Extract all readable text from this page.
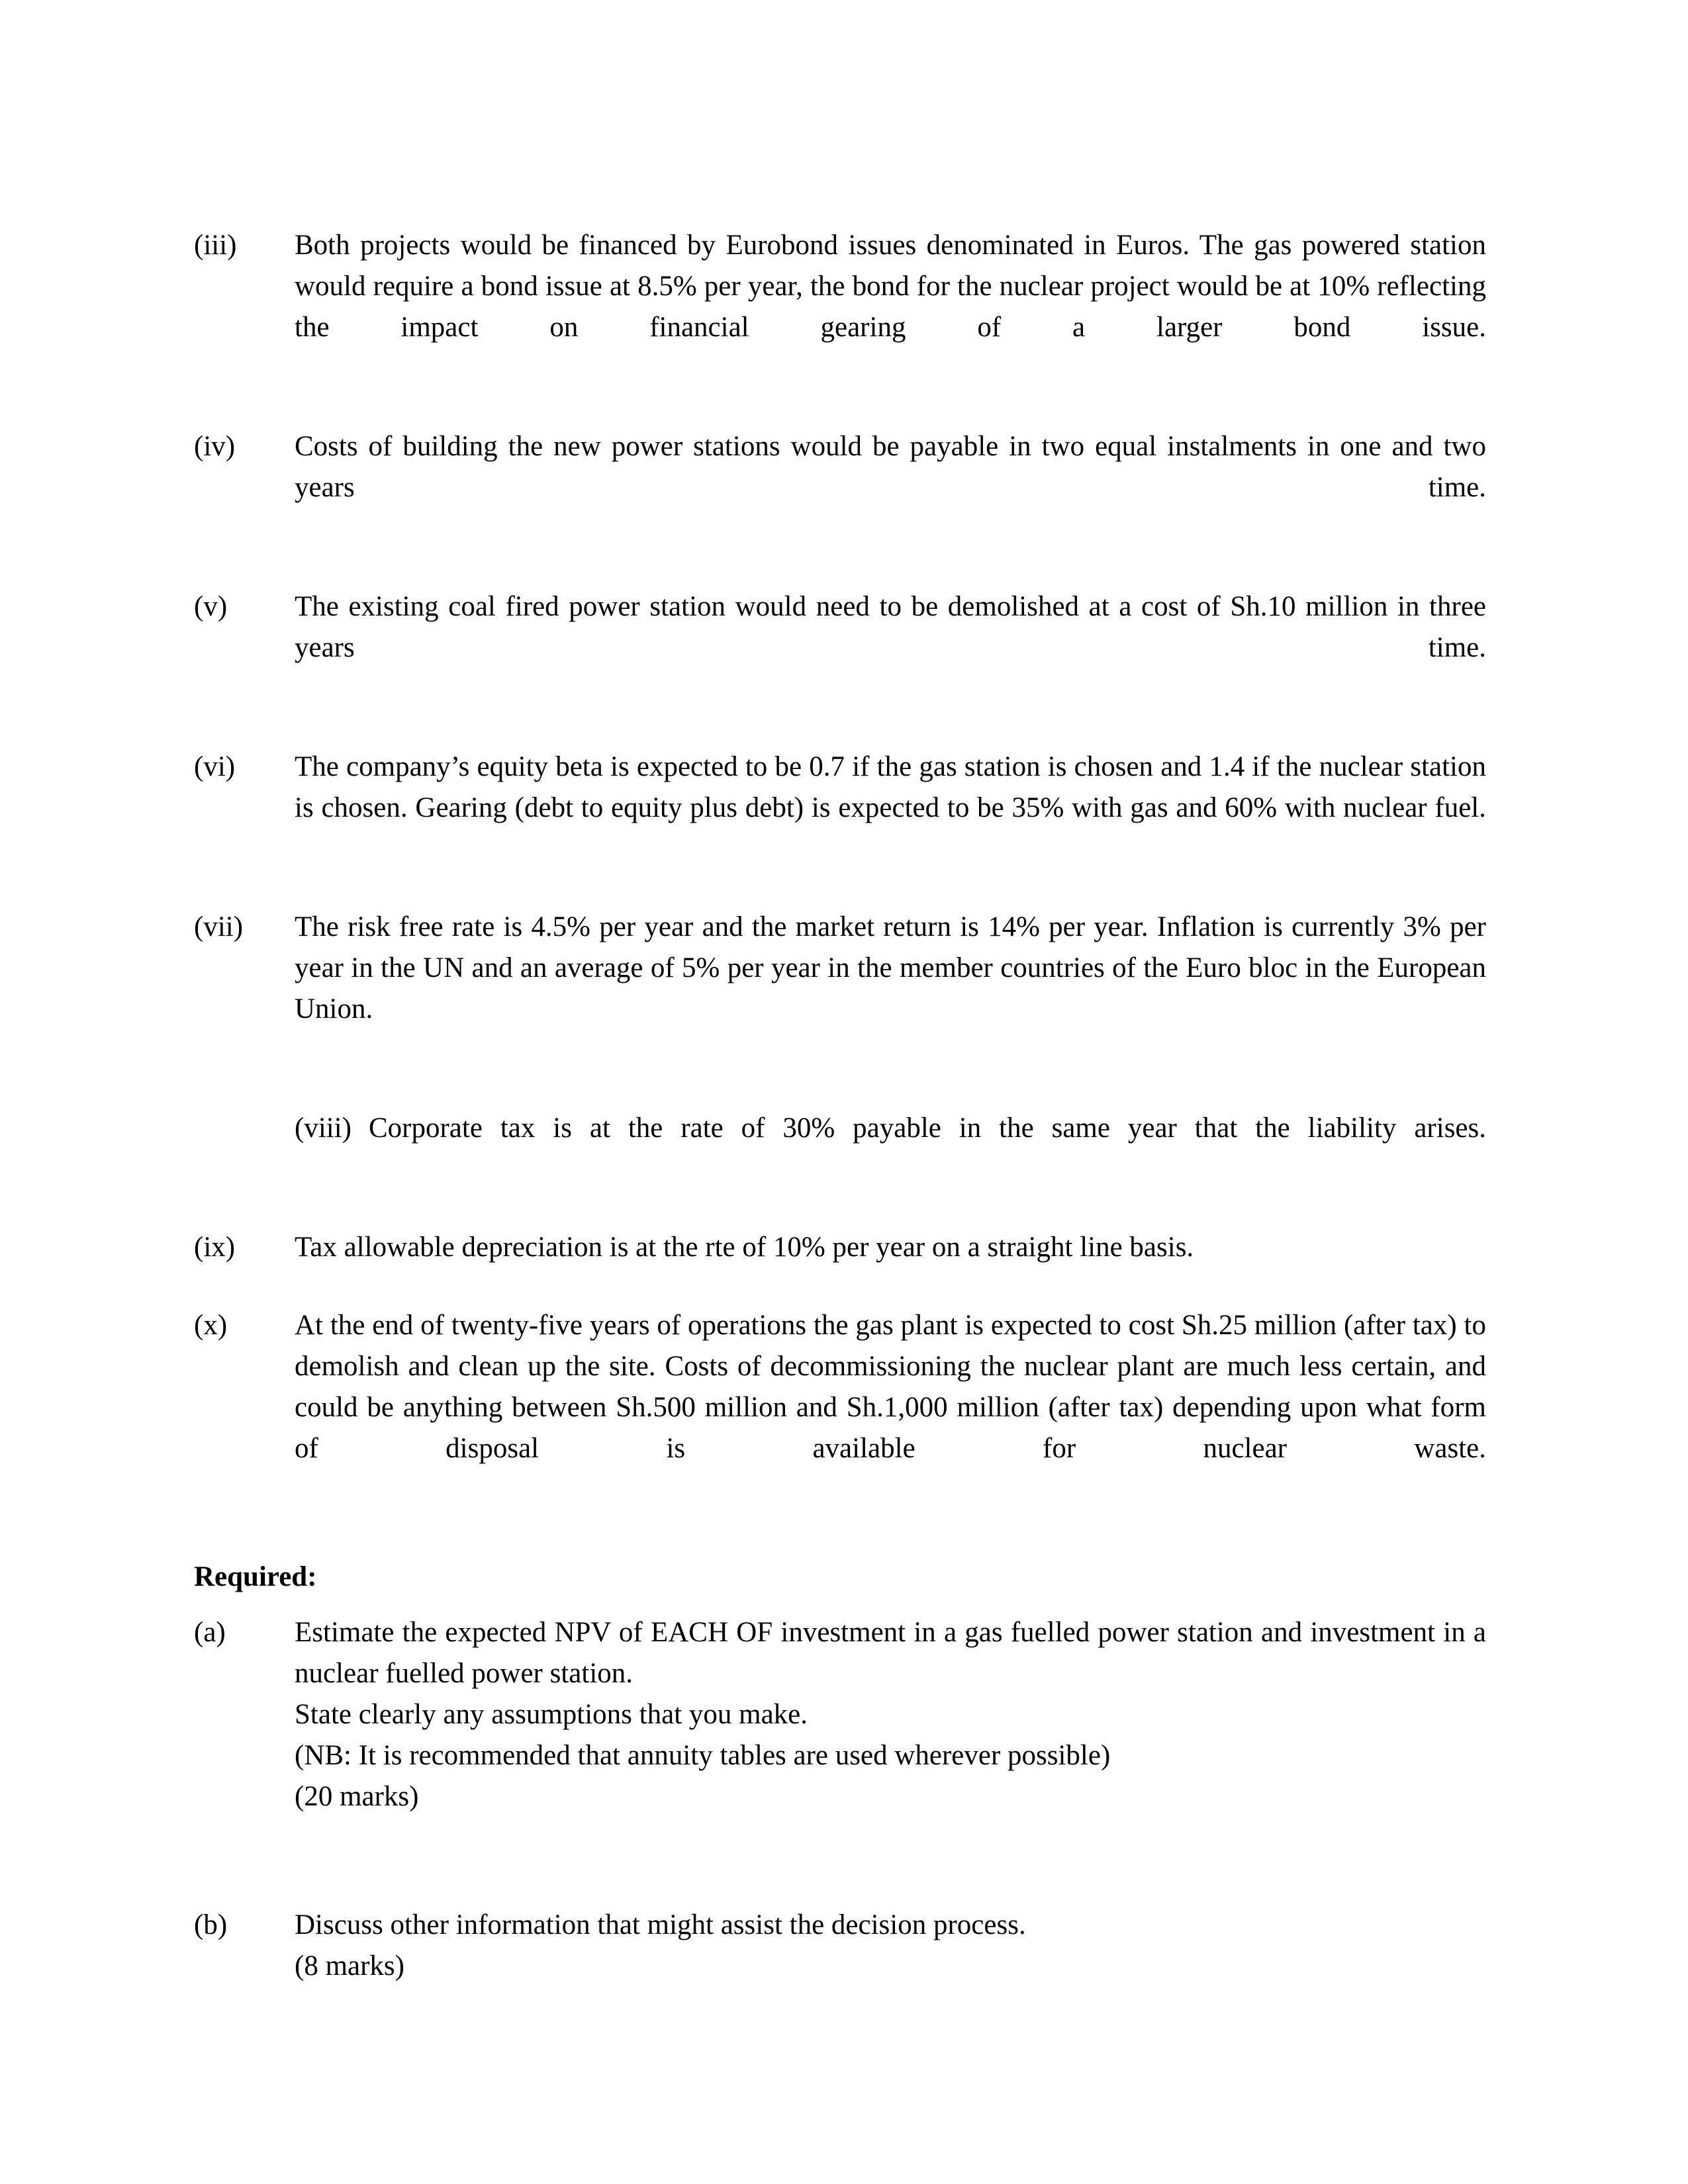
(iii)	Both projects would be financed by Eurobond issues denominated in Euros. The gas powered station would require a bond issue at 8.5% per year, the bond for the nuclear project would be at 10% reflecting the impact on financial gearing of a larger bond issue.

(iv)	Costs of building the new power stations would be payable in two equal instalments in one and two years time.

(v)	The existing coal fired power station would need to be demolished at a cost of Sh.10 million in three years time.

(vi)	The company’s equity beta is expected to be 0.7 if the gas station is chosen and 1.4 if the nuclear station is chosen. Gearing (debt to equity plus debt) is expected to be 35% with gas and 60% with nuclear fuel.

(vii)	The risk free rate is 4.5% per year and the market return is 14% per year. Inflation is currently 3% per year in the UN and an average of 5% per year in the member countries of the Euro bloc in the European Union.

(viii) Corporate tax is at the rate of 30% payable in the same year that the liability arises.

(ix)	Tax allowable depreciation is at the rte of 10% per year on a straight line basis.

(x)	At the end of twenty-five years of operations the gas plant is expected to cost Sh.25 million (after tax) to demolish and clean up the site. Costs of decommissioning the nuclear plant are much less certain, and could be anything between Sh.500 million and Sh.1,000 million (after tax) depending upon what form of disposal is available for nuclear waste.

Required:

(a)	Estimate the expected NPV of EACH OF investment in a gas fuelled power station and investment in a nuclear fuelled power station.
State clearly any assumptions that you make.
(NB: It is recommended that annuity tables are used wherever possible)
(20 marks)

(b)	Discuss other information that might assist the decision process.
(8 marks)
